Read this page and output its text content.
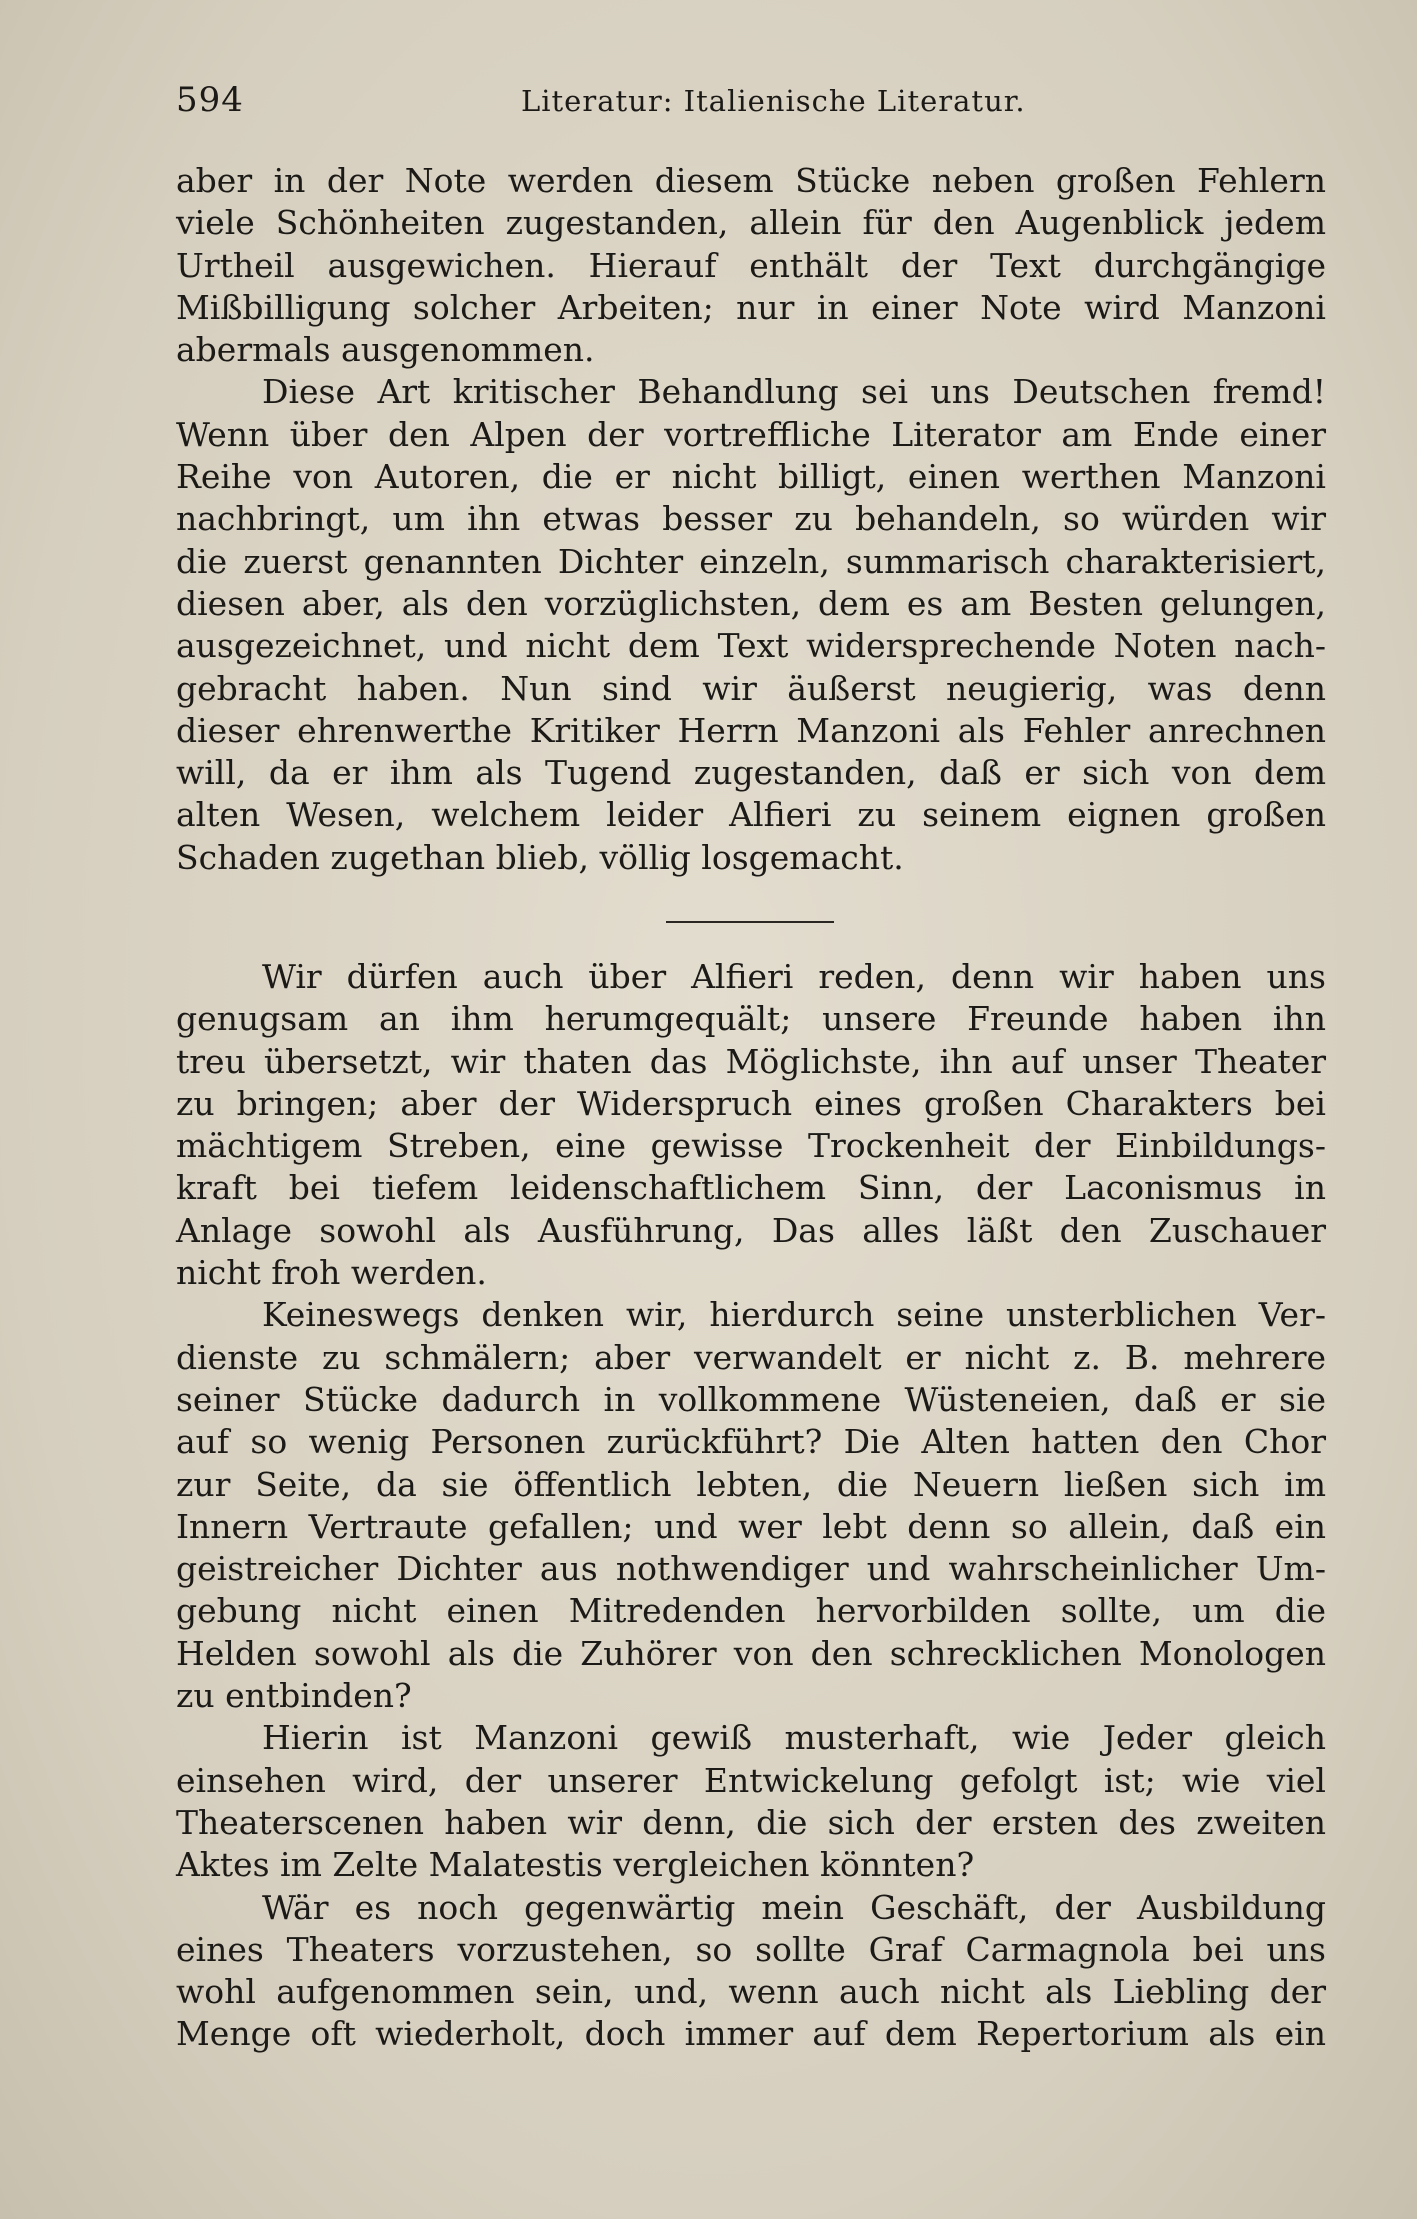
594	Literatur: Italienische Literatur.
aber in der Note werden diesem Stücke neben großen Fehlern
viele Schönheiten zugestanden, allein für den Augenblick jedem
Urtheil ausgewichen. Hierauf enthält der Text durchgängige
Mißbilligung solcher Arbeiten; nur in einer Note wird Manzoni
abermals ausgenommen.
Diese Art kritischer Behandlung sei uns Deutschen fremd!
Wenn über den Alpen der vortreffliche Literator am Ende einer
Reihe von Autoren, die er nicht billigt, einen werthen Manzoni
nachbringt, um ihn etwas besser zu behandeln, so würden wir
die zuerst genannten Dichter einzeln, summarisch charakterisiert,
diesen aber, als den vorzüglichsten, dem es am Besten gelungen,
ausgezeichnet, und nicht dem Text widersprechende Noten nach-
gebracht haben. Nun sind wir äußerst neugierig, was denn
dieser ehrenwerthe Kritiker Herrn Manzoni als Fehler anrechnen
will, da er ihm als Tugend zugestanden, daß er sich von dem
alten Wesen, welchem leider Alfieri zu seinem eignen großen
Schaden zugethan blieb, völlig losgemacht.
Wir dürfen auch über Alfieri reden, denn wir haben uns
genugsam an ihm herumgequält; unsere Freunde haben ihn
treu übersetzt, wir thaten das Möglichste, ihn auf unser Theater
zu bringen; aber der Widerspruch eines großen Charakters bei
mächtigem Streben, eine gewisse Trockenheit der Einbildungs-
kraft bei tiefem leidenschaftlichem Sinn, der Laconismus in
Anlage sowohl als Ausführung, Das alles läßt den Zuschauer
nicht froh werden.
Keineswegs denken wir, hierdurch seine unsterblichen Ver-
dienste zu schmälern; aber verwandelt er nicht z. B. mehrere
seiner Stücke dadurch in vollkommene Wüsteneien, daß er sie
auf so wenig Personen zurückführt? Die Alten hatten den Chor
zur Seite, da sie öffentlich lebten, die Neuern ließen sich im
Innern Vertraute gefallen; und wer lebt denn so allein, daß ein
geistreicher Dichter aus nothwendiger und wahrscheinlicher Um-
gebung nicht einen Mitredenden hervorbilden sollte, um die
Helden sowohl als die Zuhörer von den schrecklichen Monologen
zu entbinden?
Hierin ist Manzoni gewiß musterhaft, wie Jeder gleich
einsehen wird, der unserer Entwickelung gefolgt ist; wie viel
Theaterscenen haben wir denn, die sich der ersten des zweiten
Aktes im Zelte Malatestis vergleichen könnten?
Wär es noch gegenwärtig mein Geschäft, der Ausbildung
eines Theaters vorzustehen, so sollte Graf Carmagnola bei uns
wohl aufgenommen sein, und, wenn auch nicht als Liebling der
Menge oft wiederholt, doch immer auf dem Repertorium als ein
